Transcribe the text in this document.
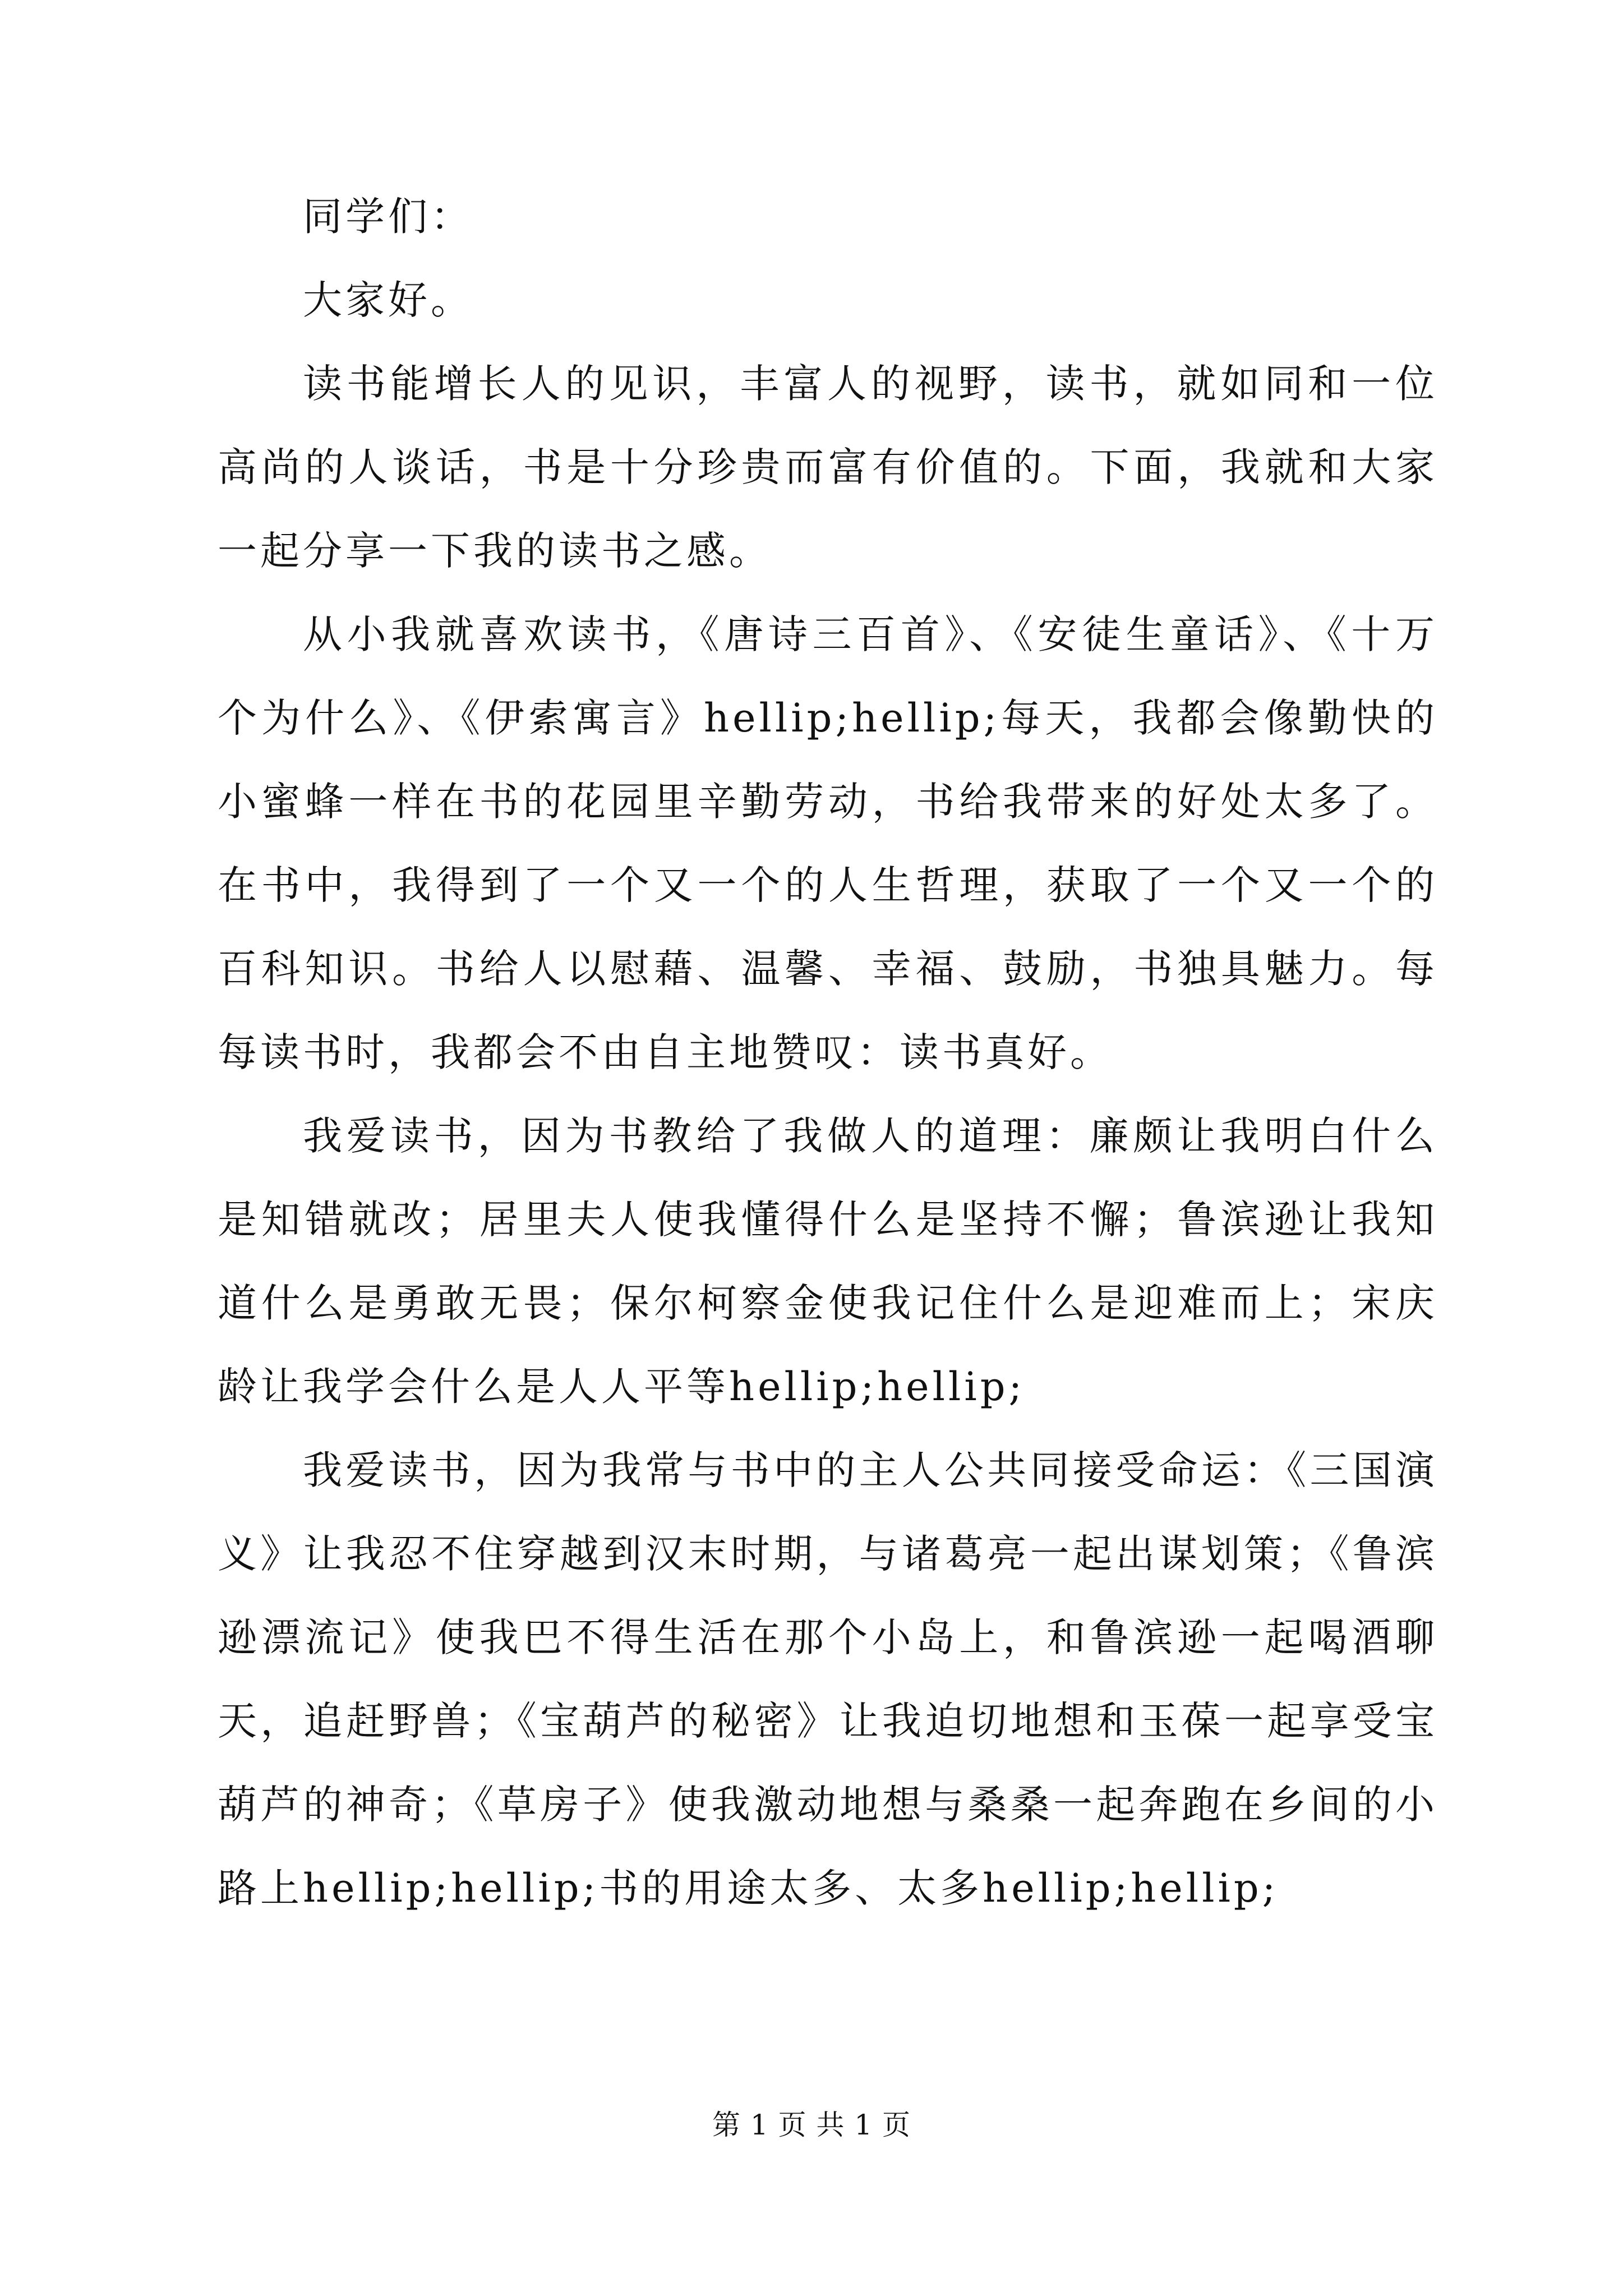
同学们：

大家好。

读书能增长人的见识，丰富人的视野，读书，就如同和一位高尚的人谈话，书是十分珍贵而富有价值的。下面，我就和大家一起分享一下我的读书之感。

从小我就喜欢读书，《唐诗三百首》、《安徒生童话》、《十万个为什么》、《伊索寓言》hellip;hellip;每天，我都会像勤快的小蜜蜂一样在书的花园里辛勤劳动，书给我带来的好处太多了。在书中，我得到了一个又一个的人生哲理，获取了一个又一个的百科知识。书给人以慰藉、温馨、幸福、鼓励，书独具魅力。每每读书时，我都会不由自主地赞叹：读书真好。

我爱读书，因为书教给了我做人的道理：廉颇让我明白什么是知错就改；居里夫人使我懂得什么是坚持不懈；鲁滨逊让我知道什么是勇敢无畏；保尔柯察金使我记住什么是迎难而上；宋庆龄让我学会什么是人人平等hellip;hellip;

我爱读书，因为我常与书中的主人公共同接受命运：《三国演义》让我忍不住穿越到汉末时期，与诸葛亮一起出谋划策；《鲁滨逊漂流记》使我巴不得生活在那个小岛上，和鲁滨逊一起喝酒聊天，追赶野兽；《宝葫芦的秘密》让我迫切地想和玉葆一起享受宝葫芦的神奇；《草房子》使我激动地想与桑桑一起奔跑在乡间的小路上hellip;hellip;书的用途太多、太多hellip;hellip;

第 1 页 共 1 页
